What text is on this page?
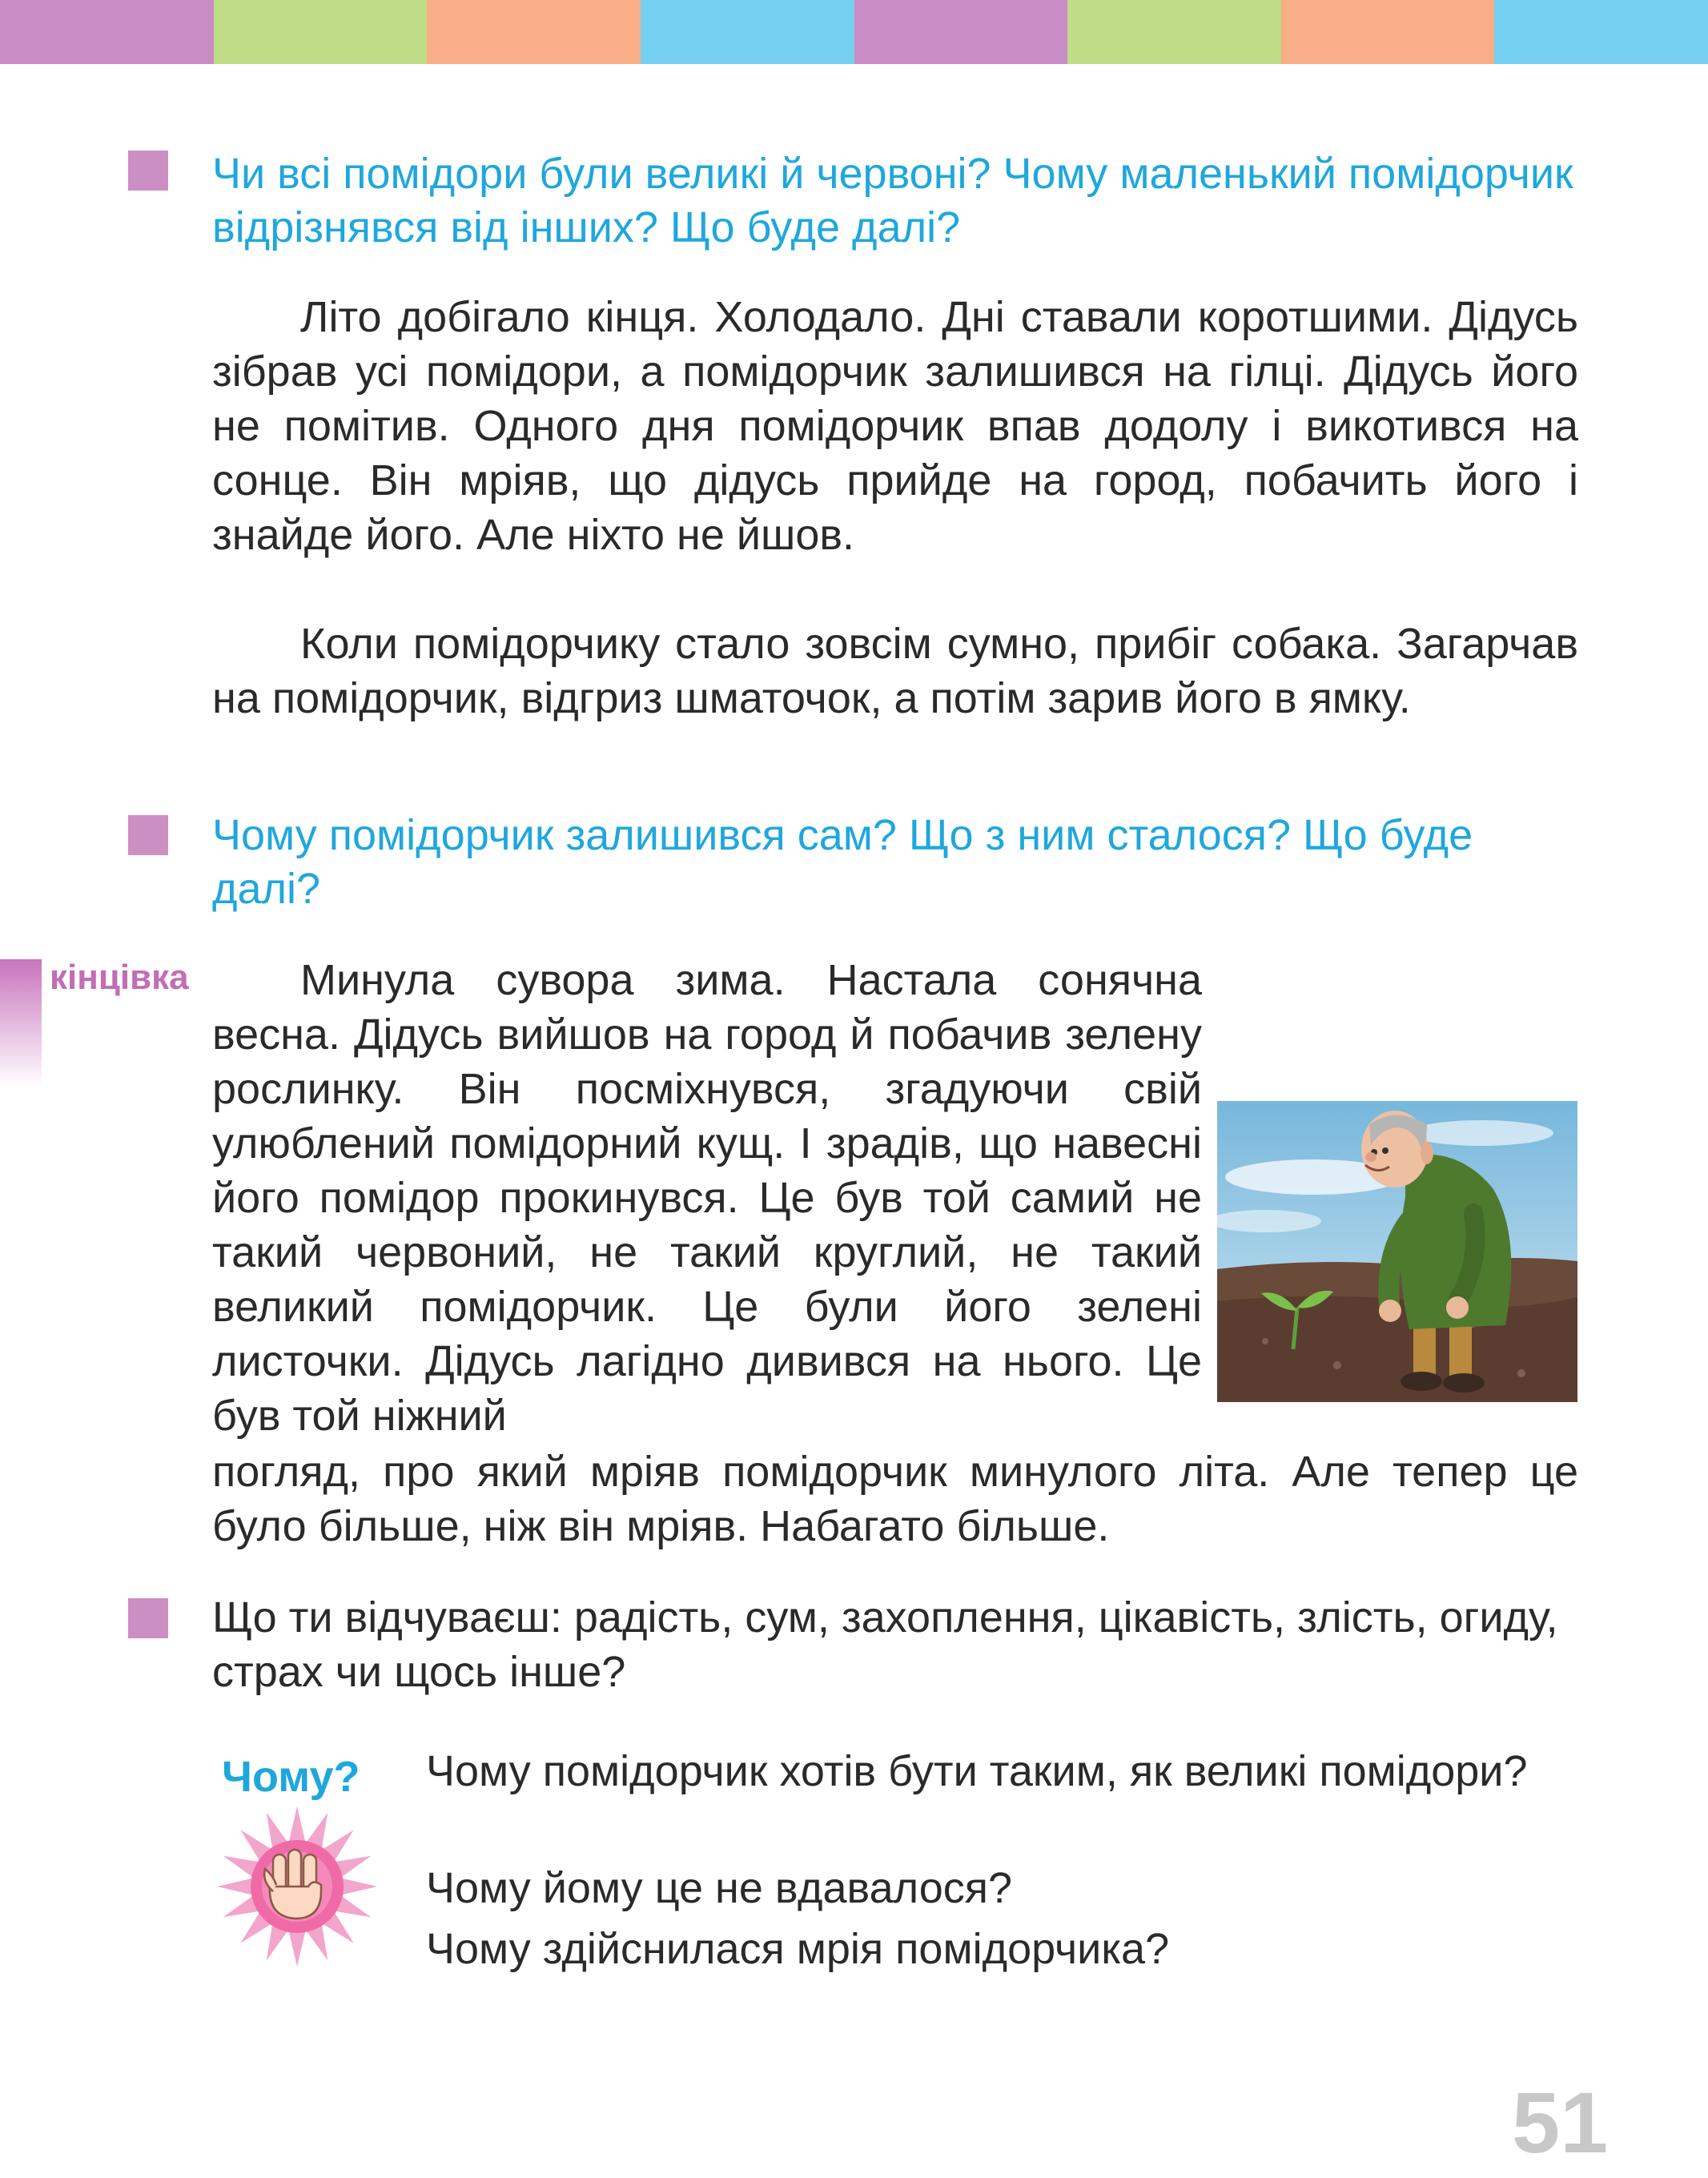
Чи всі помідори були великі й червоні? Чому маленький помідорчик відрізнявся від інших? Що буде далі?

Літо добігало кінця. Холодало. Дні ставали коротшими. Дідусь зібрав усі помідори, а помідорчик залишився на гілці. Дідусь його не помітив. Одного дня помідорчик впав додолу і викотився на сонце. Він мріяв, що дідусь прийде на город, побачить його і знайде його. Але ніхто не йшов.

Коли помідорчику стало зовсім сумно, прибіг собака. Загарчав на помідорчик, відгриз шматочок, а потім зарив його в ямку.

Чому помідорчик залишився сам? Що з ним сталося? Що буде далі?

кінцівка	Минула сувора зима. Настала сонячна весна. Дідусь вийшов на город й побачив зелену рослинку. Він посміхнувся, згадуючи свій улюблений помідорний кущ. І зрадів, що навесні його помідор прокинувся. Це був той самий не такий червоний, не такий круглий, не такий великий помідорчик. Це були його зелені листочки. Дідусь лагідно дивився на нього. Це був той ніжний

погляд, про який мріяв помідорчик минулого літа. Але тепер це було більше, ніж він мріяв. Набагато більше.

Що ти відчуваєш: радість, сум, захоплення, цікавість, злість, огиду, страх чи щось інше?

Чому? Чому помідорчик хотів бути таким, як великі помідори?

Чому йому це не вдавалося?

Чому здійснилася мрія помідорчика?

51
